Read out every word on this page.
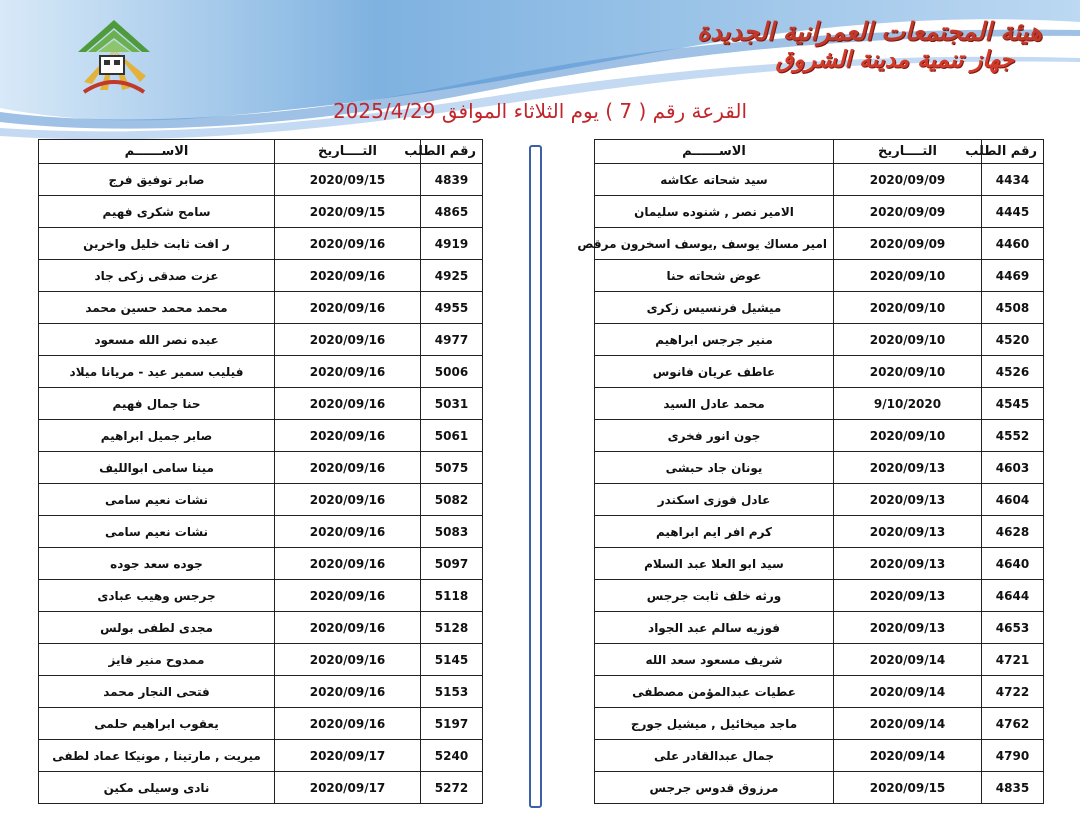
هيئة المجتمعات العمرانية الجديدة
جهاز تنمية مدينة الشروق
القرعة رقم ( 7 ) يوم الثلاثاء الموافق 2025/4/29
رقم الطلب	التــــاريخ	الاســــــم
4434	2020/09/09	سيد شحاته عكاشه
4445	2020/09/09	الامير نصر , شنوده سليمان
4460	2020/09/09	امير مساك يوسف ,يوسف اسخرون مرقص
4469	2020/09/10	عوض شحاته حنا
4508	2020/09/10	ميشيل فرنسيس زكرى
4520	2020/09/10	منير جرجس ابراهيم
4526	2020/09/10	عاطف عريان فانوس
4545	9/10/2020	محمد عادل السيد
4552	2020/09/10	جون انور فخرى
4603	2020/09/13	يونان جاد حبشى
4604	2020/09/13	عادل فوزى اسكندر
4628	2020/09/13	كرم افر ايم ابراهيم
4640	2020/09/13	سيد ابو العلا عبد السلام
4644	2020/09/13	ورثه خلف ثابت جرجس
4653	2020/09/13	فوزيه سالم عبد الجواد
4721	2020/09/14	شريف مسعود سعد الله
4722	2020/09/14	عطيات عبدالمؤمن مصطفى
4762	2020/09/14	ماجد ميخائيل , ميشيل جورج
4790	2020/09/14	جمال عبدالقادر على
4835	2020/09/15	مرزوق قدوس جرجس
رقم الطلب	التــــاريخ	الاســــــم
4839	2020/09/15	صابر توفيق فرج
4865	2020/09/15	سامح شكرى فهيم
4919	2020/09/16	ر افت ثابت خليل واخرين
4925	2020/09/16	عزت صدقى زكى جاد
4955	2020/09/16	محمد محمد حسين محمد
4977	2020/09/16	عبده نصر الله مسعود
5006	2020/09/16	فيليب سمير عيد - مريانا ميلاد
5031	2020/09/16	حنا جمال فهيم
5061	2020/09/16	صابر جميل ابراهيم
5075	2020/09/16	مينا سامى ابوالليف
5082	2020/09/16	نشات نعيم سامى
5083	2020/09/16	نشات نعيم سامى
5097	2020/09/16	جوده سعد جوده
5118	2020/09/16	جرجس وهيب عبادى
5128	2020/09/16	مجدى لطفى بولس
5145	2020/09/16	ممدوح منير فايز
5153	2020/09/16	فتحى النجار محمد
5197	2020/09/16	يعقوب ابراهيم حلمى
5240	2020/09/17	ميريت , مارتينا , مونيكا عماد لطفى
5272	2020/09/17	نادى وسيلى مكين
